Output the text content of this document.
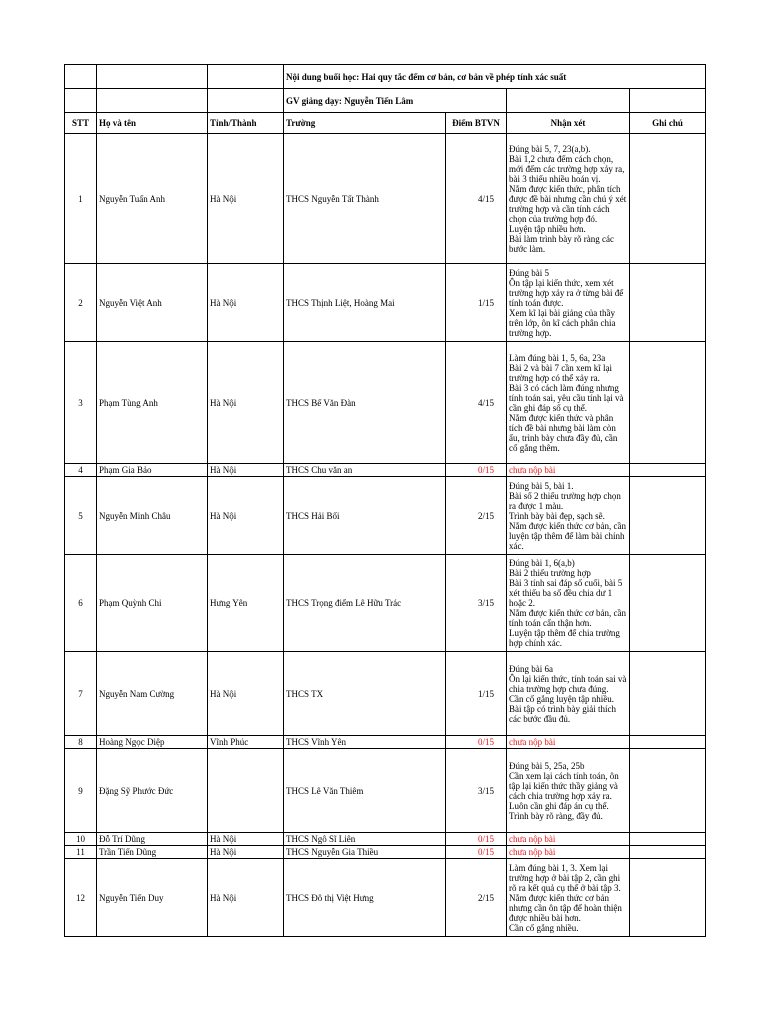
			Nội dung buổi học: Hai quy tắc đếm cơ bản, cơ bản về phép tính xác suất			
			GV giảng dạy: Nguyễn Tiến Lâm			
STT	Họ và tên	Tỉnh/Thành	Trường	Điểm BTVN	Nhận xét	Ghi chú
1	Nguyễn Tuấn Anh	Hà Nội	THCS Nguyễn Tất Thành	4/15	Đúng bài 5, 7, 23(a,b).
Bài 1,2 chưa đếm cách chọn, mới đếm các trường hợp xảy ra, bài 3 thiếu nhiều hoán vị.
Nắm được kiến thức, phân tích được đề bài nhưng cần chú ý xét trường hợp và cần tính cách chọn của trường hợp đó.
Luyện tập nhiều hơn.
Bài làm trình bày rõ ràng các bước làm.	

2	Nguyễn Việt Anh	Hà Nội	THCS Thịnh Liệt, Hoàng Mai	1/15	Đúng bài 5
Ôn tập lại kiến thức, xem xét trường hợp xảy ra ở từng bài để tính toán được.
Xem kĩ lại bài giảng của thầy trên lớp, ôn kĩ cách phân chia trường hợp.	

3	Phạm Tùng Anh	Hà Nội	THCS Bế Văn Đàn	4/15	Làm đúng bài 1, 5, 6a, 23a
Bài 2 và bài 7 cần xem kĩ lại trường hợp có thể xảy ra.
Bài 3 có cách làm đúng nhưng tính toán sai, yêu cầu tính lại và cần ghi đáp số cụ thể.
Nắm được kiến thức và phân tích đề bài nhưng bài làm còn ẩu, trình bày chưa đầy đủ, cần cố gắng thêm.	

4	Phạm Gia Bảo	Hà Nội	THCS Chu văn an	0/15	chưa nộp bài	

5	Nguyễn Minh Châu	Hà Nội	THCS Hải Bối	2/15	Đúng bài 5, bài 1.
Bài số 2 thiếu trường hợp chọn ra được 1 màu.
Trình bày bài đẹp, sạch sẽ.
Nắm được kiến thức cơ bản, cần luyện tập thêm để làm bài chính xác.	

6	Phạm Quỳnh Chi	Hưng Yên	THCS Trọng điểm Lê Hữu Trác	3/15	Đúng bài 1, 6(a,b)
Bài 2 thiếu trường hợp
Bài 3 tính sai đáp số cuối, bài 5 xét thiếu ba số đều chia dư 1 hoặc 2.
Nắm được kiến thức cơ bản, cần tính toán cẩn thận hơn.
Luyện tập thêm để chia trường hợp chính xác.	

7	Nguyễn Nam Cường	Hà Nội	THCS TX	1/15	Đúng bài 6a
Ôn lại kiến thức, tính toán sai và chia trường hợp chưa đúng.
Cần cố gắng luyện tập nhiều.
Bài tập có trình bày giải thích các bước đầu đủ.	

8	Hoàng Ngọc Diệp	Vĩnh Phúc	THCS Vĩnh Yên	0/15	chưa nộp bài	

9	Đặng Sỹ Phước Đức		THCS Lê Văn Thiêm	3/15	Đúng bài 5, 25a, 25b
Cần xem lại cách tính toán, ôn tập lại kiến thức thầy giảng và cách chia trường hợp xảy ra.
Luôn cần ghi đáp án cụ thể.
Trình bày rõ ràng, đầy đủ.	

10	Đỗ Trí Dũng	Hà Nội	THCS Ngô Sĩ Liên	0/15	chưa nộp bài	

11	Trần Tiến Dũng	Hà Nội	THCS Nguyễn Gia Thiều	0/15	chưa nộp bài	

12	Nguyễn Tiến Duy	Hà Nội	THCS Đô thị Việt Hưng	2/15	Làm đúng bài 1, 3. Xem lại trường hợp ở bài tập 2, cần ghi rõ ra kết quả cụ thể ở bài tập 3. Nắm được kiến thức cơ bản nhưng cần ôn tập để hoàn thiện được nhiều bài hơn.
Cần cố gắng nhiều.	
